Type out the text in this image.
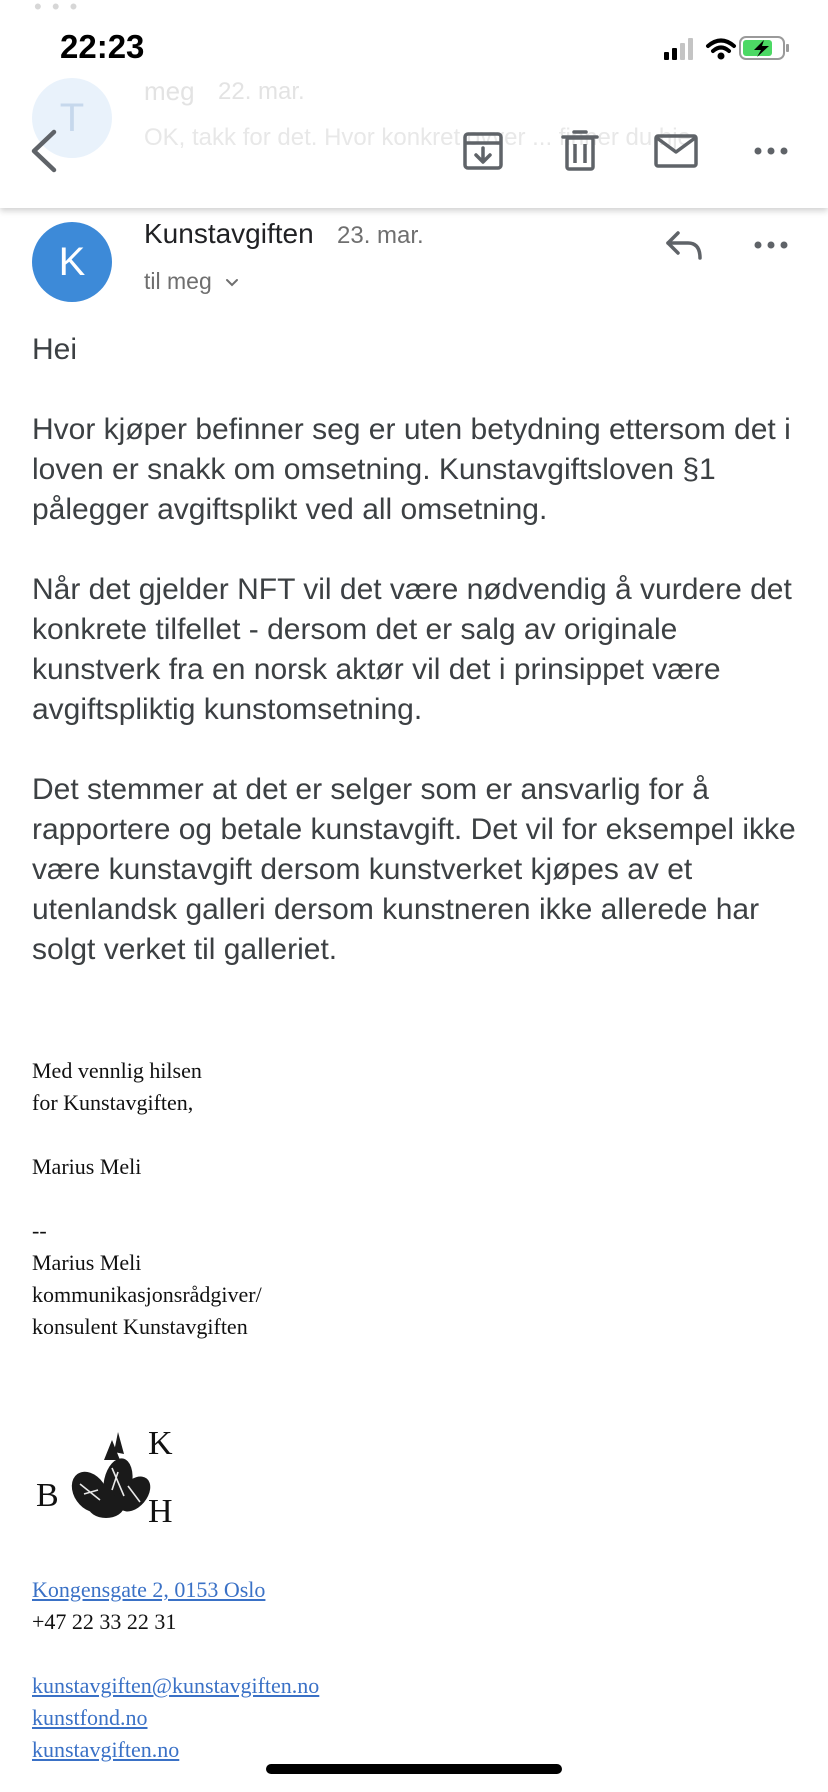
• • •
T
meg 22. mar.
OK, takk for det. Hvor konkret ovver ... finner du hje
22:23
K
Kunstavgiften 23. mar.
til meg

Hei

Hvor kjøper befinner seg er uten betydning ettersom det i loven er snakk om omsetning. Kunstavgiftsloven §1 pålegger avgiftsplikt ved all omsetning.

Når det gjelder NFT vil det være nødvendig å vurdere det konkrete tilfellet - dersom det er salg av originale kunstverk fra en norsk aktør vil det i prinsippet være avgiftspliktig kunstomsetning.

Det stemmer at det er selger som er ansvarlig for å rapportere og betale kunstavgift. Det vil for eksempel ikke være kunstavgift dersom kunstverket kjøpes av et utenlandsk galleri dersom kunstneren ikke allerede har solgt verket til galleriet.

Med vennlig hilsen
for Kunstavgiften,
Marius Meli
--
Marius Meli
kommunikasjonsrådgiver/
konsulent Kunstavgiften
B
K
H
Kongensgate 2, 0153 Oslo
+47 22 33 22 31
kunstavgiften@kunstavgiften.no
kunstfond.no
kunstavgiften.no
